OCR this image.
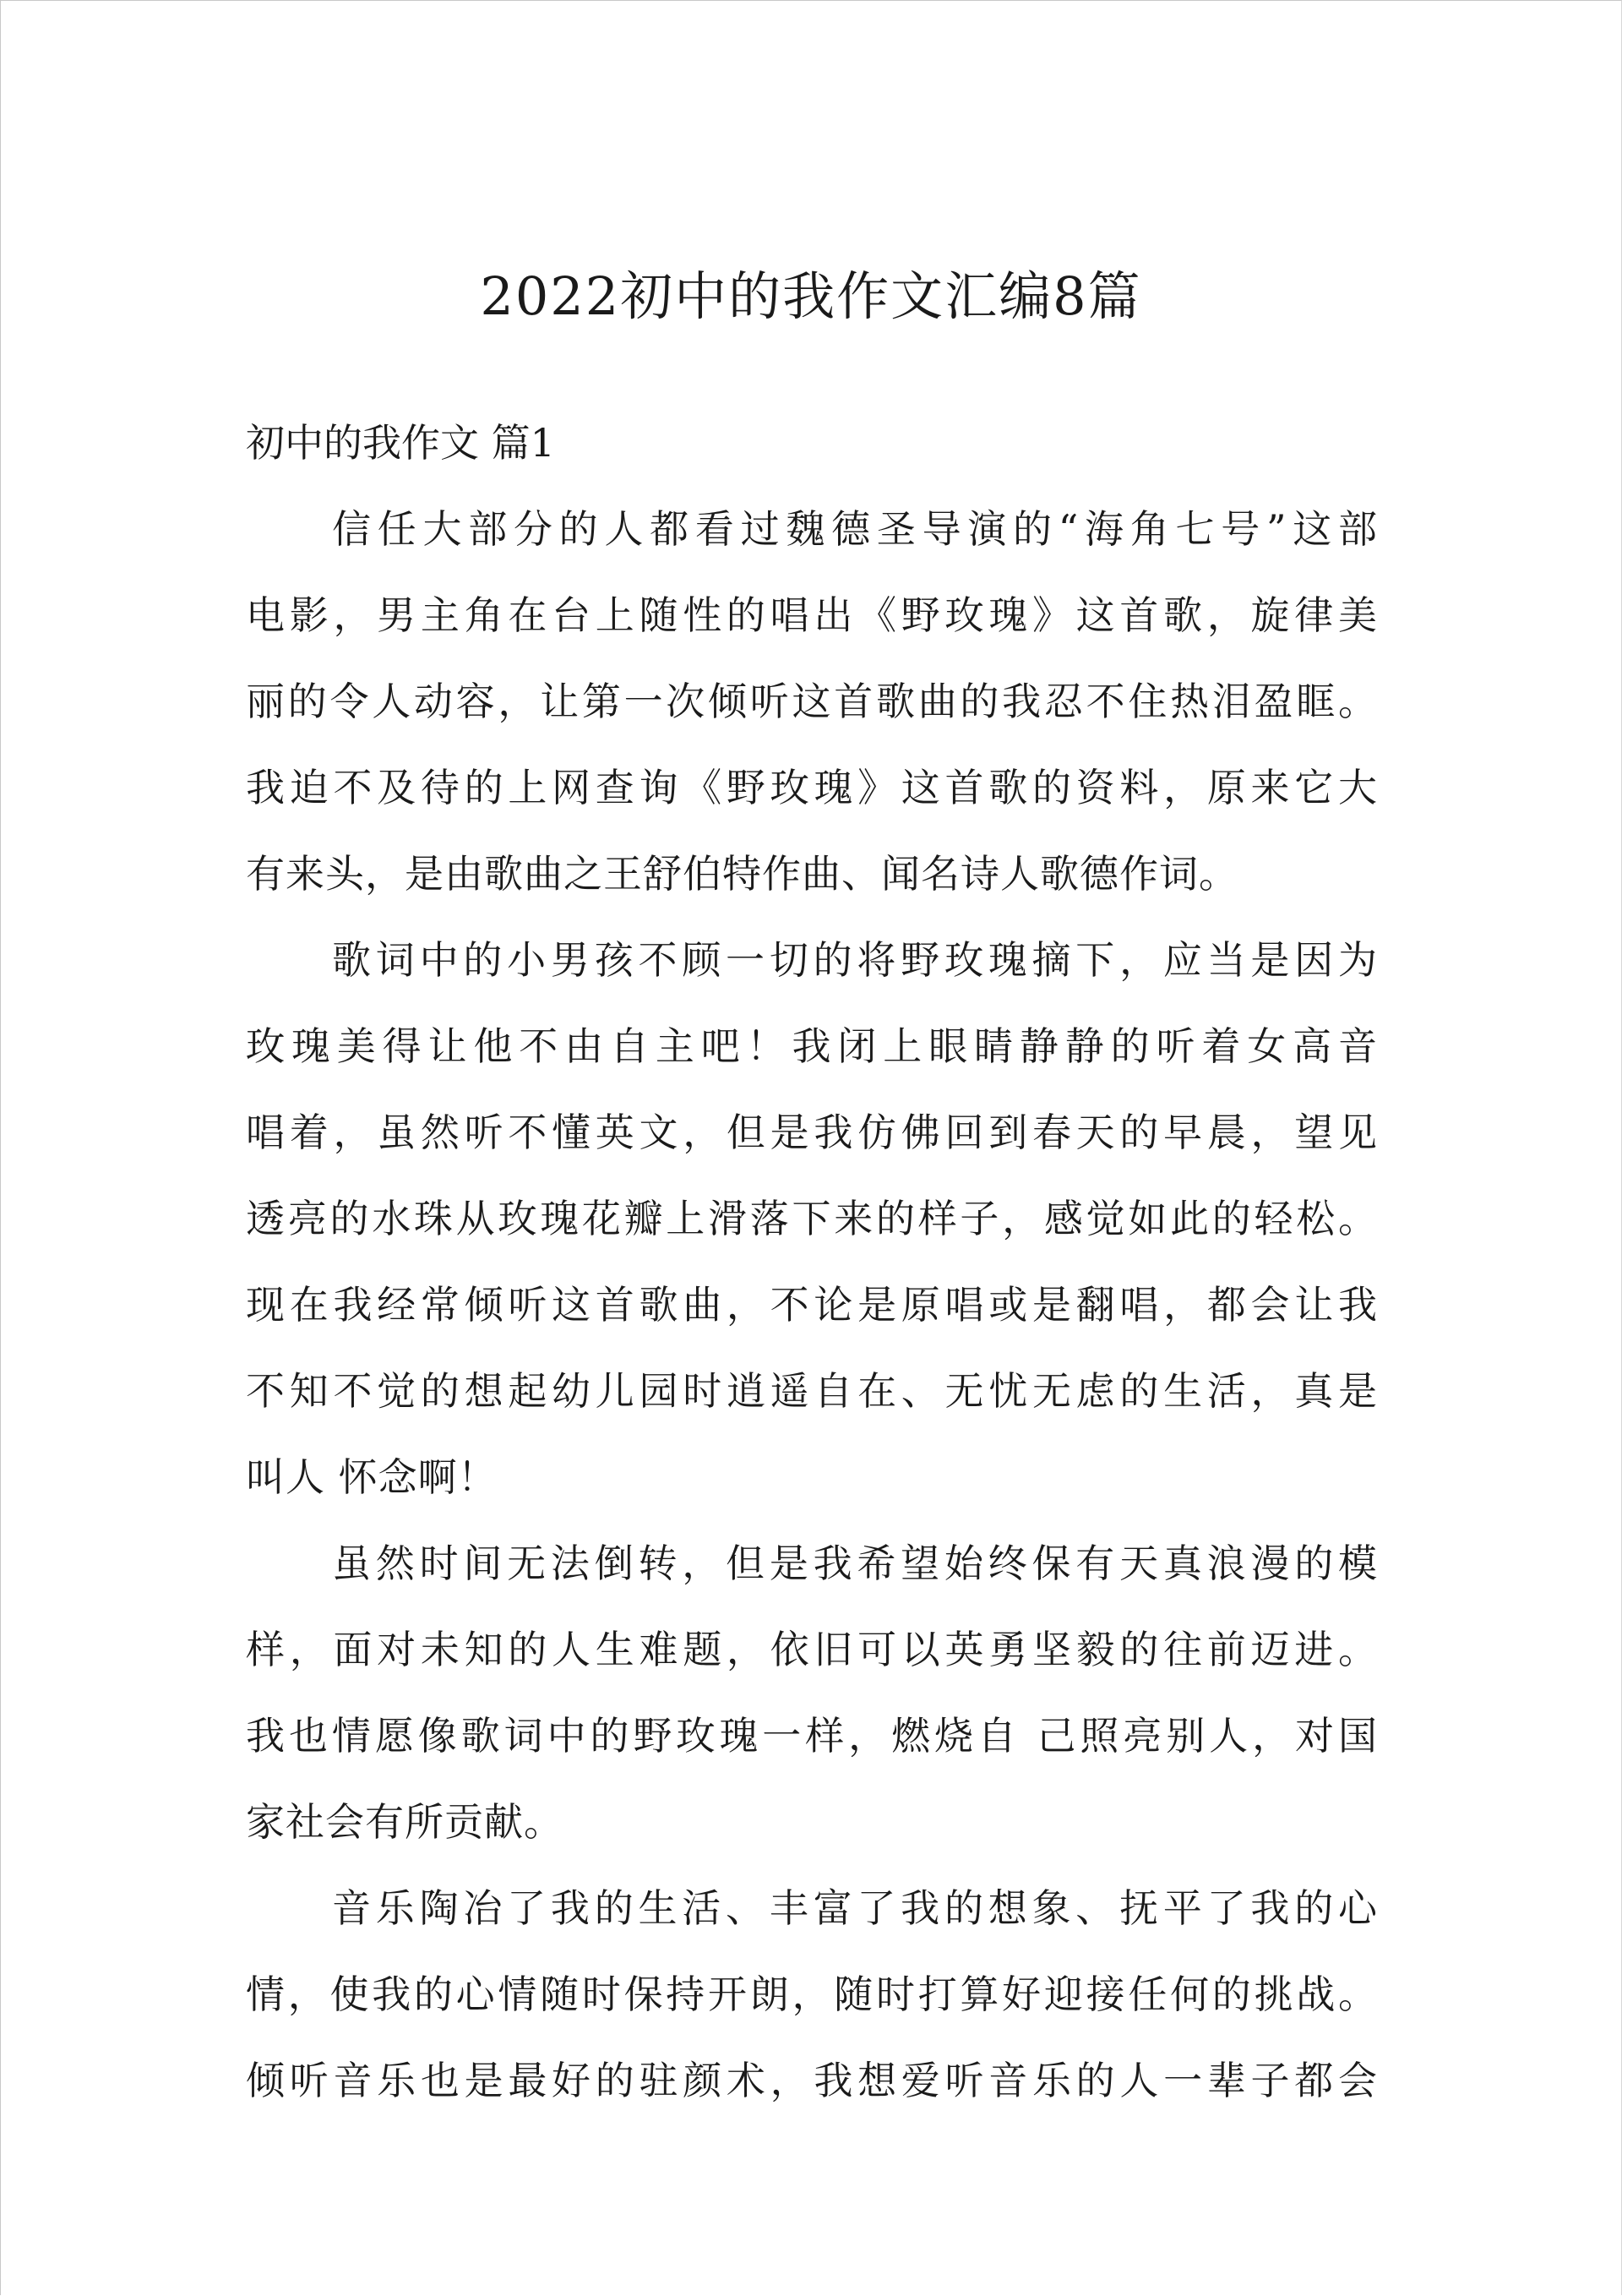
2022初中的我作文汇编8篇
初中的我作文 篇1
信任大部分的人都看过魏德圣导演的“海角七号”这部
电影，男主角在台上随性的唱出《野玫瑰》这首歌，旋律美
丽的令人动容，让第一次倾听这首歌曲的我忍不住热泪盈眶。
我迫不及待的上网查询《野玫瑰》这首歌的资料，原来它大
有来头，是由歌曲之王舒伯特作曲、闻名诗人歌德作词。
歌词中的小男孩不顾一切的将野玫瑰摘下，应当是因为
玫瑰美得让他不由自主吧！我闭上眼睛静静的听着女高音
唱着，虽然听不懂英文，但是我仿佛回到春天的早晨，望见
透亮的水珠从玫瑰花瓣上滑落下来的样子，感觉如此的轻松。
现在我经常倾听这首歌曲，不论是原唱或是翻唱，都会让我
不知不觉的想起幼儿园时逍遥自在、无忧无虑的生活，真是
叫人 怀念啊！
虽然时间无法倒转，但是我希望始终保有天真浪漫的模
样，面对未知的人生难题，依旧可以英勇坚毅的往前迈进。
我也情愿像歌词中的野玫瑰一样，燃烧自 己照亮别人，对国
家社会有所贡献。
音乐陶冶了我的生活、丰富了我的想象、抚平了我的心
情，使我的心情随时保持开朗，随时打算好迎接任何的挑战。
倾听音乐也是最好的驻颜术，我想爱听音乐的人一辈子都会
